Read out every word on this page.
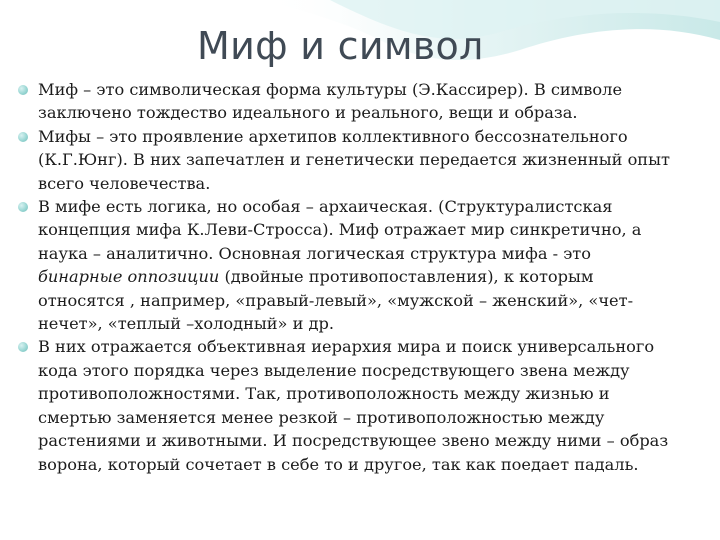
Миф и символ
Миф – это символическая форма культуры (Э.Кассирер). В символе
заключено тождество идеального и реального, вещи и образа.
Мифы – это проявление архетипов коллективного бессознательного
(К.Г.Юнг). В них запечатлен и генетически передается жизненный опыт
всего человечества.
В мифе есть логика, но особая – архаическая. (Структуралистская
концепция мифа К.Леви-Стросса). Миф отражает мир синкретично, а
наука – аналитично. Основная логическая структура мифа - это
бинарные оппозиции (двойные противопоставления), к которым
относятся , например, «правый-левый», «мужской – женский», «чет-
нечет», «теплый –холодный» и др.
В них отражается объективная иерархия мира и поиск универсального
кода этого порядка через выделение посредствующего звена между
противоположностями. Так, противоположность между жизнью и
смертью заменяется менее резкой – противоположностью между
растениями и животными. И посредствующее звено между ними – образ
ворона, который сочетает в себе то и другое, так как поедает падаль.
